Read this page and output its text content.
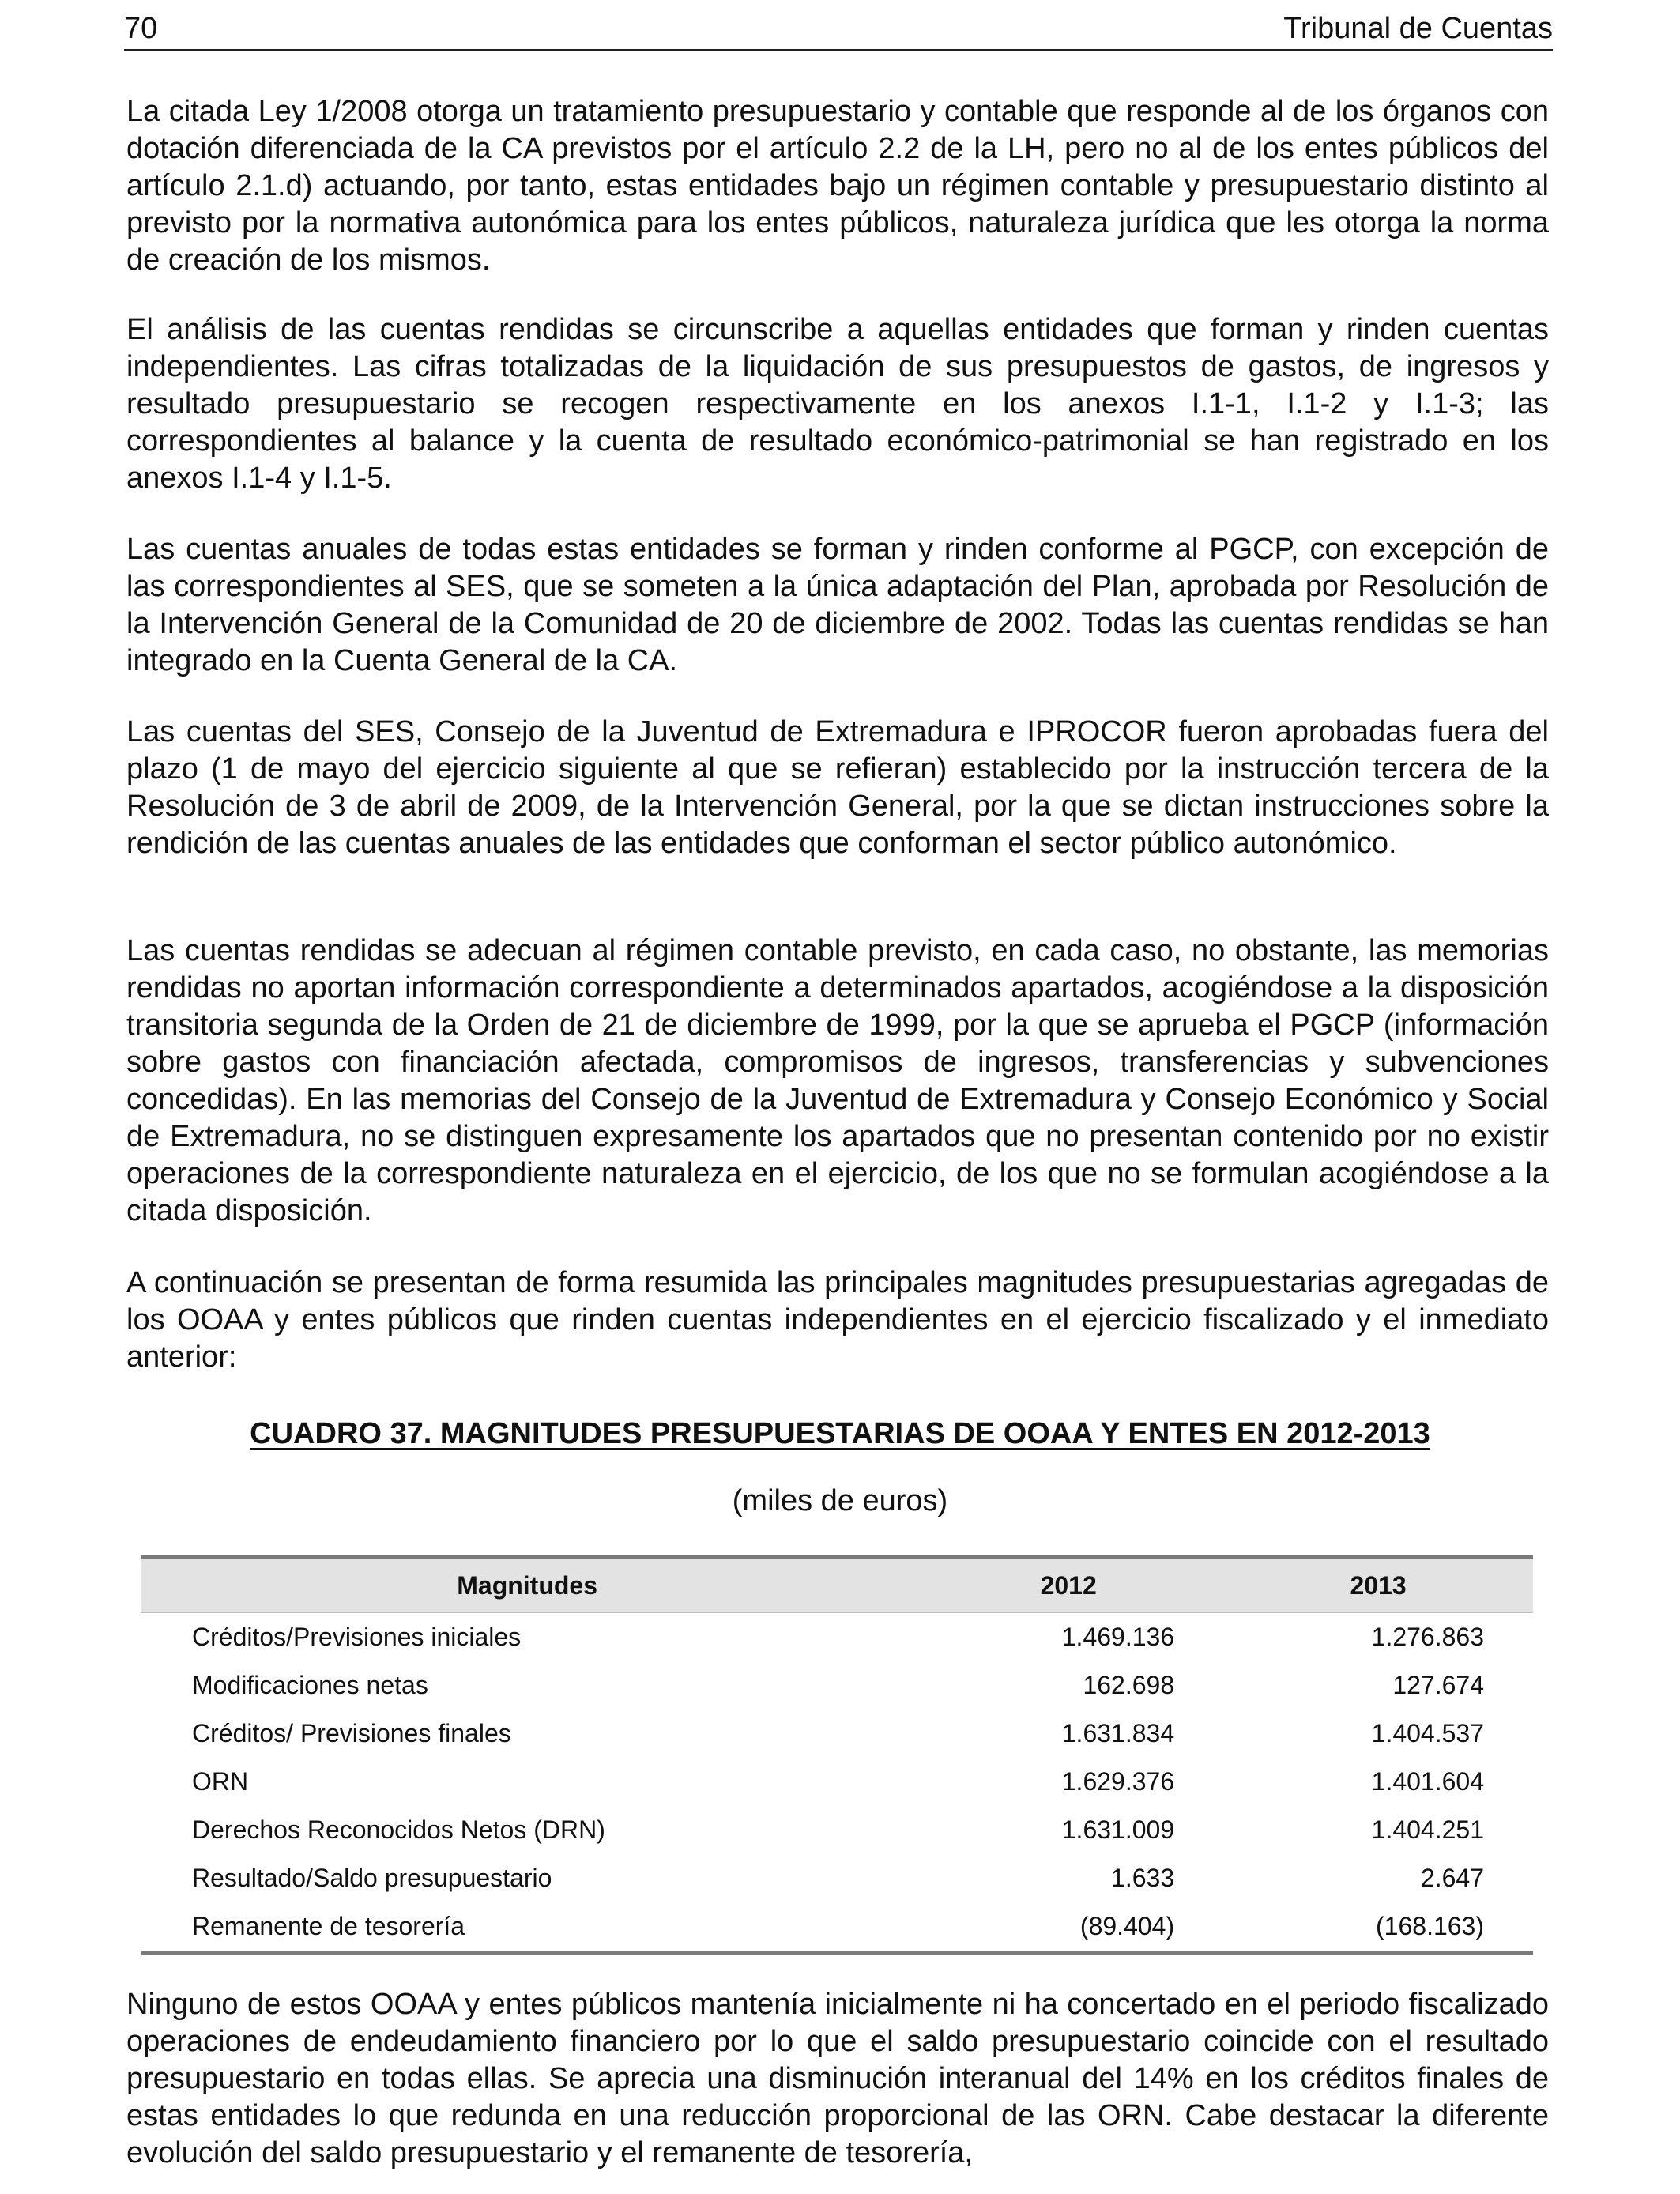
70	Tribunal de Cuentas

La citada Ley 1/2008 otorga un tratamiento presupuestario y contable que responde al de los órganos con dotación diferenciada de la CA previstos por el artículo 2.2 de la LH, pero no al de los entes públicos del artículo 2.1.d) actuando, por tanto, estas entidades bajo un régimen contable y presupuestario distinto al previsto por la normativa autonómica para los entes públicos, naturaleza jurídica que les otorga la norma de creación de los mismos.

El análisis de las cuentas rendidas se circunscribe a aquellas entidades que forman y rinden cuentas independientes. Las cifras totalizadas de la liquidación de sus presupuestos de gastos, de ingresos y resultado presupuestario se recogen respectivamente en los anexos I.1-1, I.1-2 y I.1-3; las correspondientes al balance y la cuenta de resultado económico-patrimonial se han registrado en los anexos I.1-4 y I.1-5.

Las cuentas anuales de todas estas entidades se forman y rinden conforme al PGCP, con excepción de las correspondientes al SES, que se someten a la única adaptación del Plan, aprobada por Resolución de la Intervención General de la Comunidad de 20 de diciembre de 2002. Todas las cuentas rendidas se han integrado en la Cuenta General de la CA.

Las cuentas del SES, Consejo de la Juventud de Extremadura e IPROCOR fueron aprobadas fuera del plazo (1 de mayo del ejercicio siguiente al que se refieran) establecido por la instrucción tercera de la Resolución de 3 de abril de 2009, de la Intervención General, por la que se dictan instrucciones sobre la rendición de las cuentas anuales de las entidades que conforman el sector público autonómico.

Las cuentas rendidas se adecuan al régimen contable previsto, en cada caso, no obstante, las memorias rendidas no aportan información correspondiente a determinados apartados, acogiéndose a la disposición transitoria segunda de la Orden de 21 de diciembre de 1999, por la que se aprueba el PGCP (información sobre gastos con financiación afectada, compromisos de ingresos, transferencias y subvenciones concedidas). En las memorias del Consejo de la Juventud de Extremadura y Consejo Económico y Social de Extremadura, no se distinguen expresamente los apartados que no presentan contenido por no existir operaciones de la correspondiente naturaleza en el ejercicio, de los que no se formulan acogiéndose a la citada disposición.

A continuación se presentan de forma resumida las principales magnitudes presupuestarias agregadas de los OOAA y entes públicos que rinden cuentas independientes en el ejercicio fiscalizado y el inmediato anterior:

CUADRO 37. MAGNITUDES PRESUPUESTARIAS DE OOAA Y ENTES EN 2012-2013
(miles de euros)
Magnitudes	2012	2013
Créditos/Previsiones iniciales	1.469.136	1.276.863
Modificaciones netas	162.698	127.674
Créditos/ Previsiones finales	1.631.834	1.404.537
ORN	1.629.376	1.401.604
Derechos Reconocidos Netos (DRN)	1.631.009	1.404.251
Resultado/Saldo presupuestario	1.633	2.647
Remanente de tesorería	(89.404)	(168.163)

Ninguno de estos OOAA y entes públicos mantenía inicialmente ni ha concertado en el periodo fiscalizado operaciones de endeudamiento financiero por lo que el saldo presupuestario coincide con el resultado presupuestario en todas ellas. Se aprecia una disminución interanual del 14% en los créditos finales de estas entidades lo que redunda en una reducción proporcional de las ORN. Cabe destacar la diferente evolución del saldo presupuestario y el remanente de tesorería,
